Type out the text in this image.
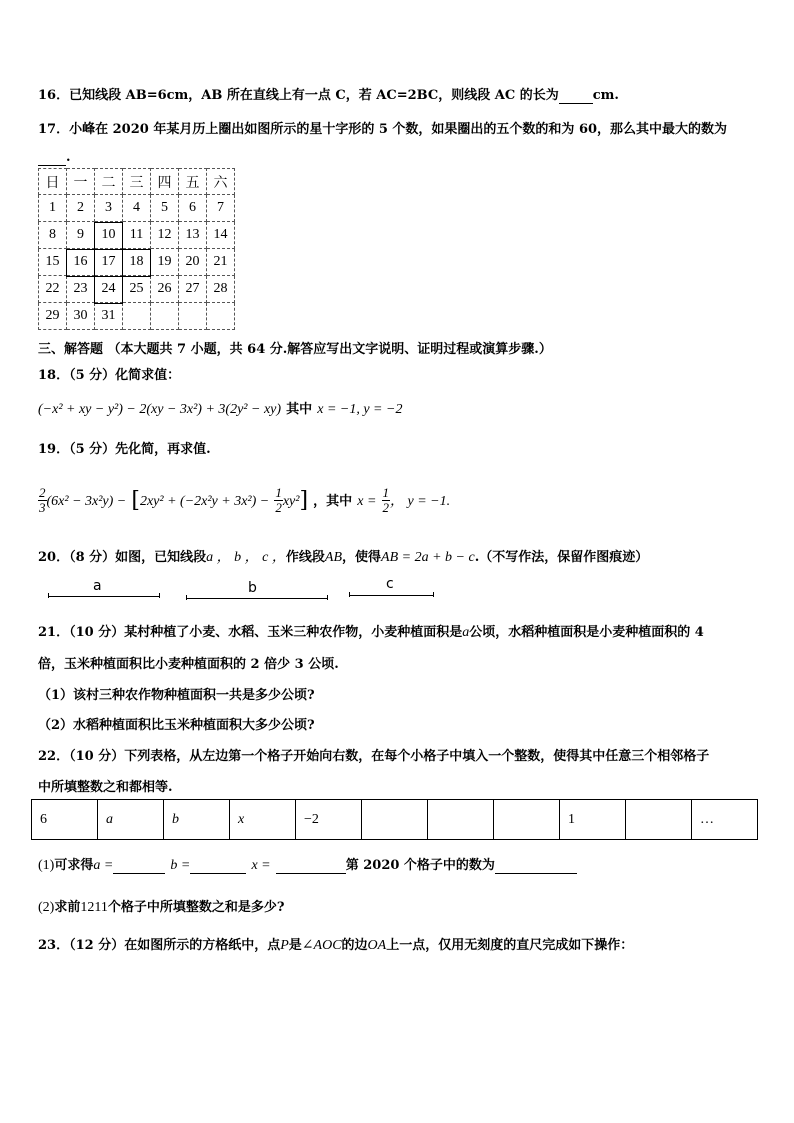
16．已知线段 AB=6cm，AB 所在直线上有一点 C，若 AC=2BC，则线段 AC 的长为	cm.
17．小峰在 2020 年某月历上圈出如图所示的星十字形的 5 个数，如果圈出的五个数的和为 60，那么其中最大的数为
.
日	一	二	三	四	五	六
1	2	3	4	5	6	7
8	9	10	11	12	13	14
15	16	17	18	19	20	21
22	23	24	25	26	27	28
29	30	31				
三、解答题 （本大题共 7 小题，共 64 分.解答应写出文字说明、证明过程或演算步骤.）
18．（5 分）化简求值：
(−x² + xy − y²) − 2(xy − 3x²) + 3(2y² − xy) 其中 x = −1, y = −2
19．（5 分）先化简，再求值.
$\frac{2}{3} (6x^2 - 3x^2y) - [2xy^2 + (-2x^2y + 3x^2) - \frac{1}{2} xy^2]$ ，其中 $x = \frac{1}{2}$ ， y = −1.
20．（8 分）如图，已知线段a ， b ， c ，作线段AB，使得AB = 2a + b − c.（不写作法，保留作图痕迹）
a	b	c
21．（10 分）某村种植了小麦、水稻、玉米三种农作物，小麦种植面积是a公顷，水稻种植面积是小麦种植面积的 4
倍，玉米种植面积比小麦种植面积的 2 倍少 3 公顷.
（1）该村三种农作物种植面积一共是多少公顷?
（2）水稻种植面积比玉米种植面积大多少公顷?
22．（10 分）下列表格，从左边第一个格子开始向右数，在每个小格子中填入一个整数，使得其中任意三个相邻格子
中所填整数之和都相等.
6	a	b	x	−2				1		…
(1)可求得a =	b =	x =	第 2020 个格子中的数为
(2)求前1211个格子中所填整数之和是多少?
23．（12 分）在如图所示的方格纸中，点P是∠AOC的边OA上一点，仅用无刻度的直尺完成如下操作：
